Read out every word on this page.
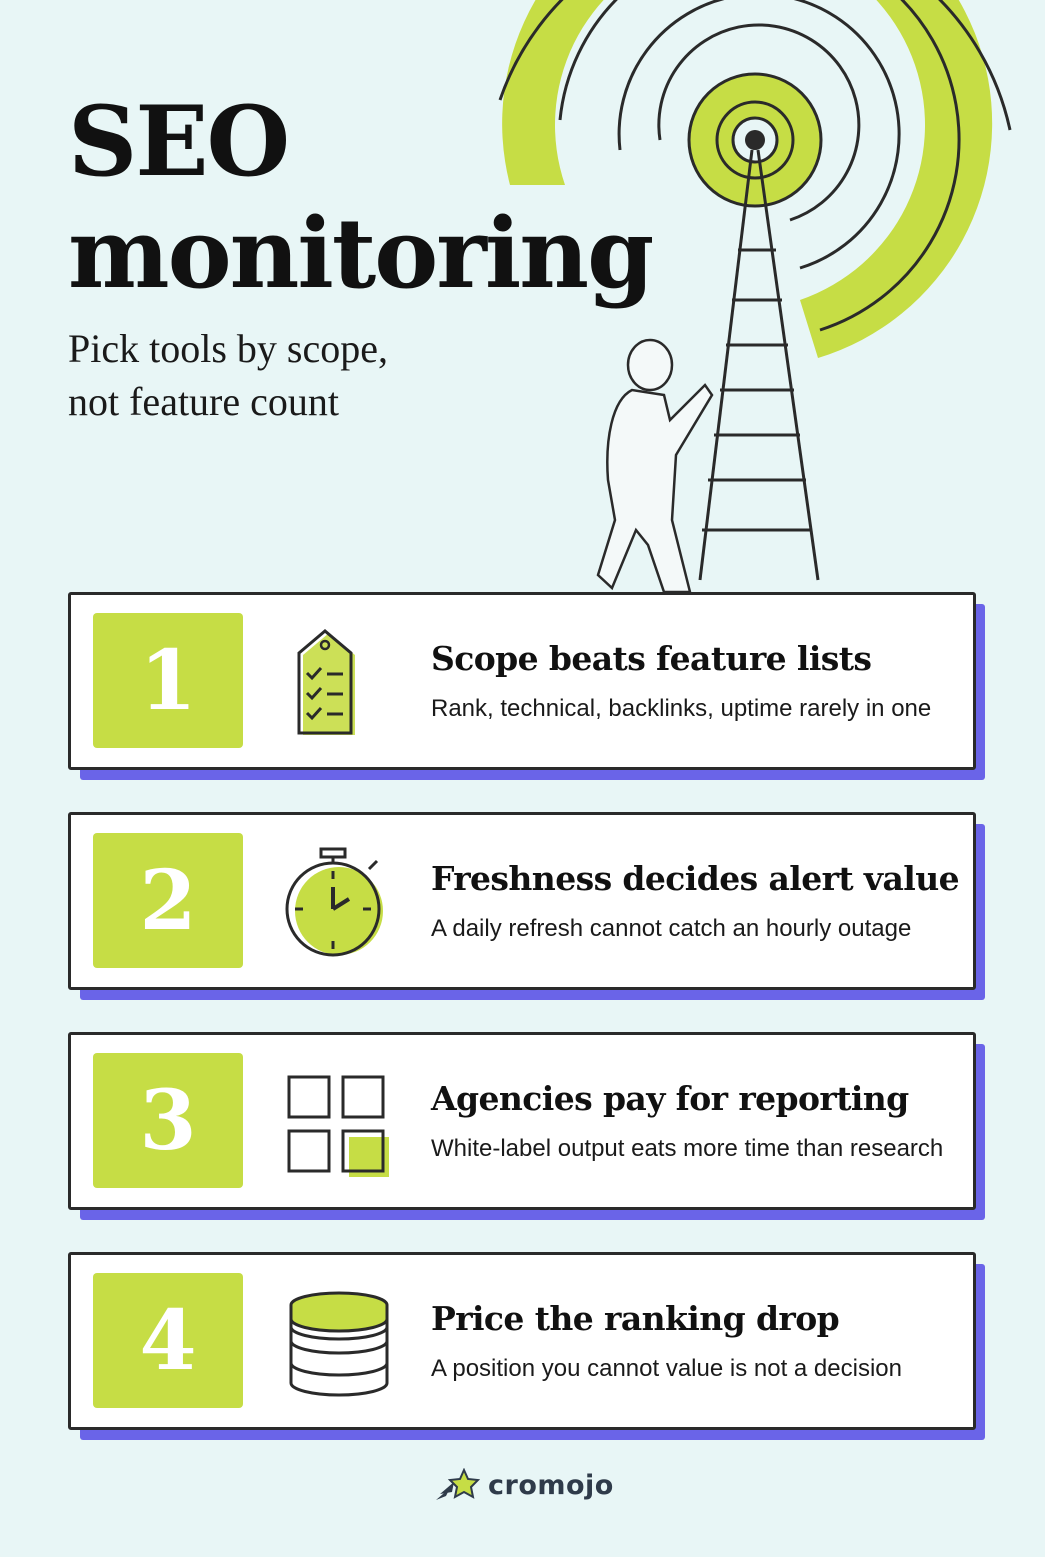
SEO
monitoring
Pick tools by scope,
not feature count
1	Scope beats feature lists
Rank, technical, backlinks, uptime rarely in one
2	Freshness decides alert value
A daily refresh cannot catch an hourly outage
3	Agencies pay for reporting
White-label output eats more time than research
4	Price the ranking drop
A position you cannot value is not a decision
cromojo
